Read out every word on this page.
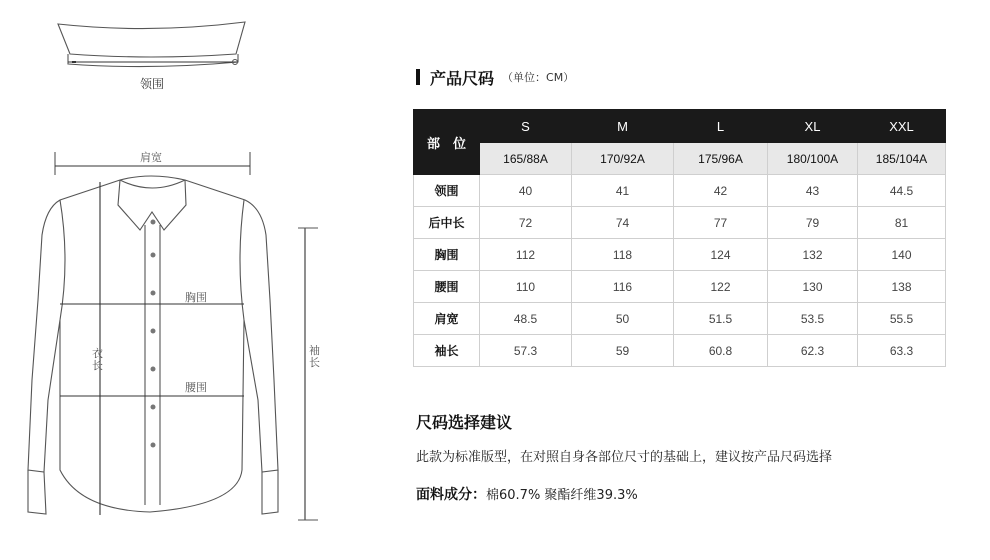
领围
肩宽
胸围
腰围
衣
长
袖
长
产品尺码 （单位：CM）
部　位	S	M	L	XL	XXL
	165/88A	170/92A	175/96A	180/100A	185/104A
领围	40	41	42	43	44.5
后中长	72	74	77	79	81
胸围	112	118	124	132	140
腰围	110	116	122	130	138
肩宽	48.5	50	51.5	53.5	55.5
袖长	57.3	59	60.8	62.3	63.3
尺码选择建议
此款为标准版型，在对照自身各部位尺寸的基础上，建议按产品尺码选择
面料成分：棉60.7% 聚酯纤维39.3%
